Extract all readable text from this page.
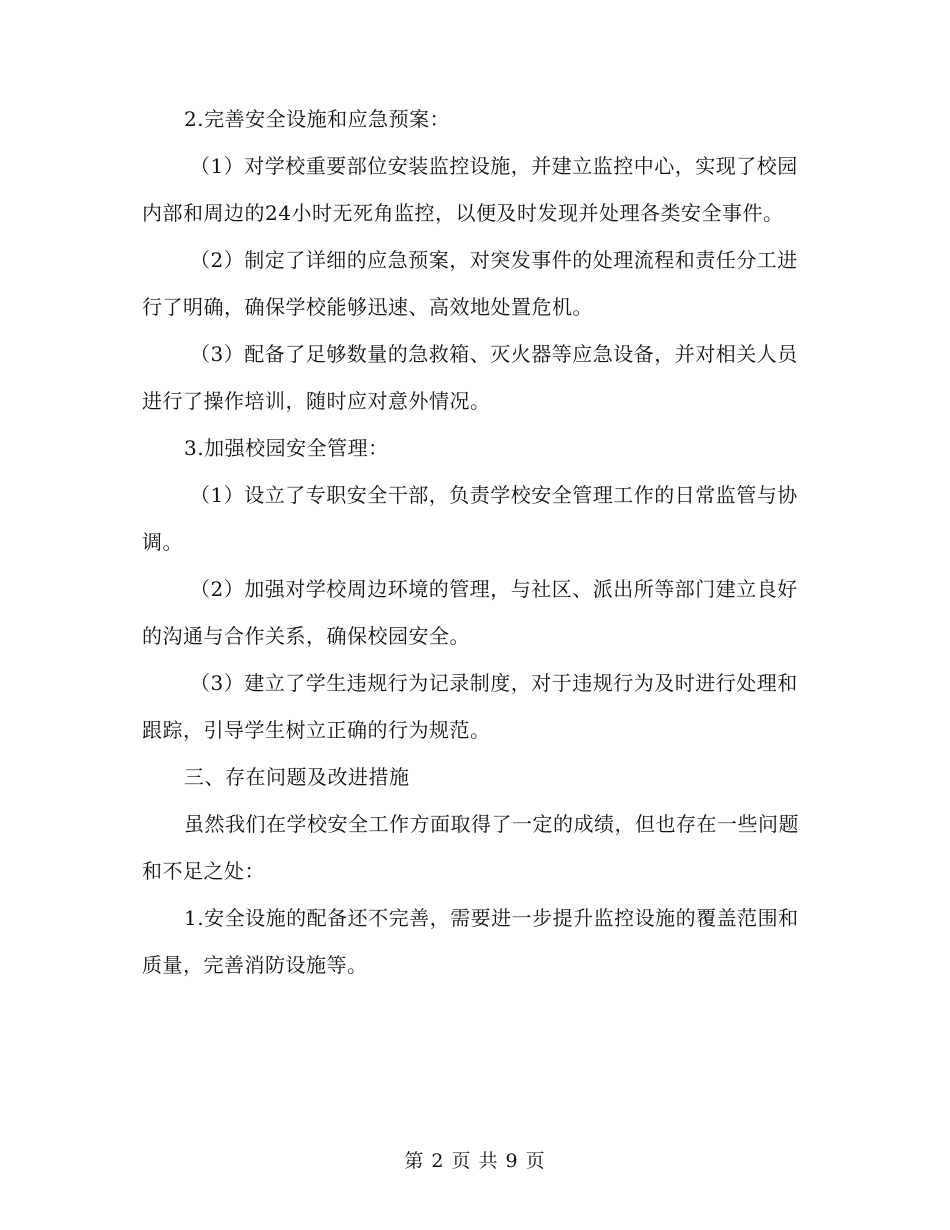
2.完善安全设施和应急预案：

（1）对学校重要部位安装监控设施，并建立监控中心，实现了校园内部和周边的24小时无死角监控，以便及时发现并处理各类安全事件。

（2）制定了详细的应急预案，对突发事件的处理流程和责任分工进行了明确，确保学校能够迅速、高效地处置危机。

（3）配备了足够数量的急救箱、灭火器等应急设备，并对相关人员进行了操作培训，随时应对意外情况。

3.加强校园安全管理：

（1）设立了专职安全干部，负责学校安全管理工作的日常监管与协调。

（2）加强对学校周边环境的管理，与社区、派出所等部门建立良好的沟通与合作关系，确保校园安全。

（3）建立了学生违规行为记录制度，对于违规行为及时进行处理和跟踪，引导学生树立正确的行为规范。

三、存在问题及改进措施

虽然我们在学校安全工作方面取得了一定的成绩，但也存在一些问题和不足之处：

1.安全设施的配备还不完善，需要进一步提升监控设施的覆盖范围和质量，完善消防设施等。

第 2 页 共 9 页
